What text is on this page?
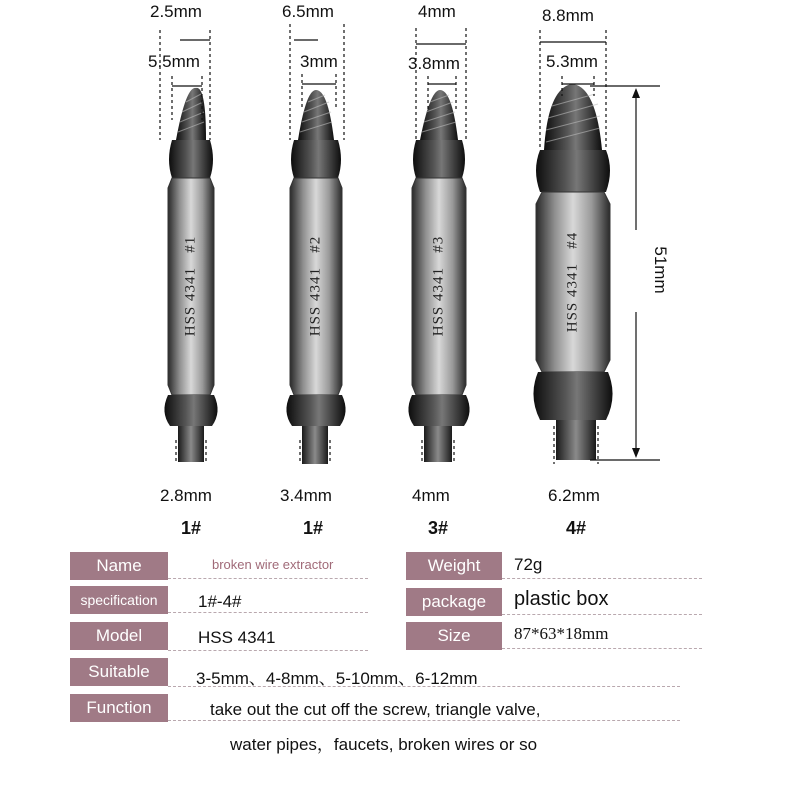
HSS 4341   #1
HSS 4341   #2
HSS 4341   #3
HSS 4341   #4
2.5mm
5.5mm
6.5mm
3mm
4mm
3.8mm
8.8mm
5.3mm
51mm
2.8mm	3.4mm	4mm	6.2mm
1#	1#	3#	4#
Name	broken wire extractor	Weight	72g
specification	1#-4#	package	plastic box
Model	HSS 4341	Size	87*63*18mm
Suitable	3-5mm、4-8mm、5-10mm、6-12mm
Function	take out the cut off the screw, triangle valve,
water pipes，faucets, broken wires or so
